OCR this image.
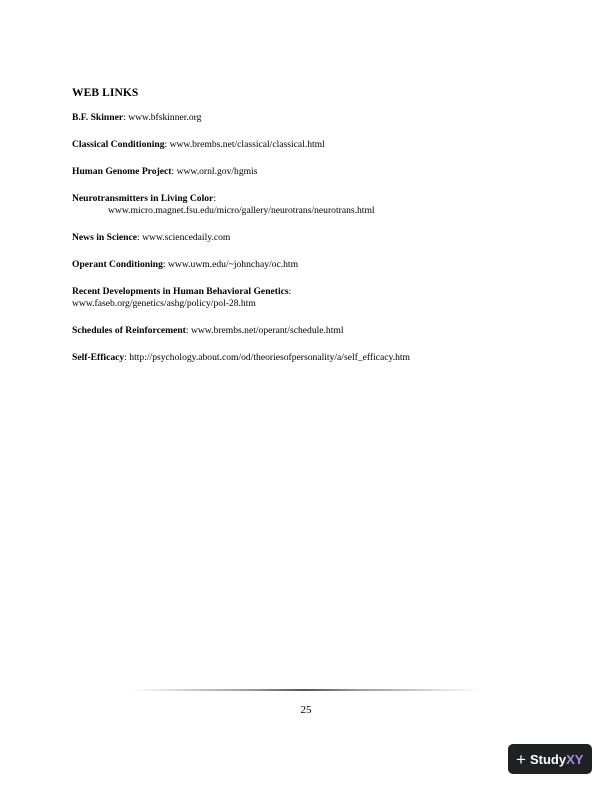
WEB LINKS
B.F. Skinner: www.bfskinner.org
Classical Conditioning: www.brembs.net/classical/classical.html
Human Genome Project: www.ornl.gov/hgmis
Neurotransmitters in Living Color:
www.micro.magnet.fsu.edu/micro/gallery/neurotrans/neurotrans.html
News in Science: www.sciencedaily.com
Operant Conditioning: www.uwm.edu/~johnchay/oc.htm
Recent Developments in Human Behavioral Genetics:
www.faseb.org/genetics/ashg/policy/pol-28.htm
Schedules of Reinforcement: www.brembs.net/operant/schedule.html
Self-Efficacy: http://psychology.about.com/od/theoriesofpersonality/a/self_efficacy.htm
25
+ Study XY
